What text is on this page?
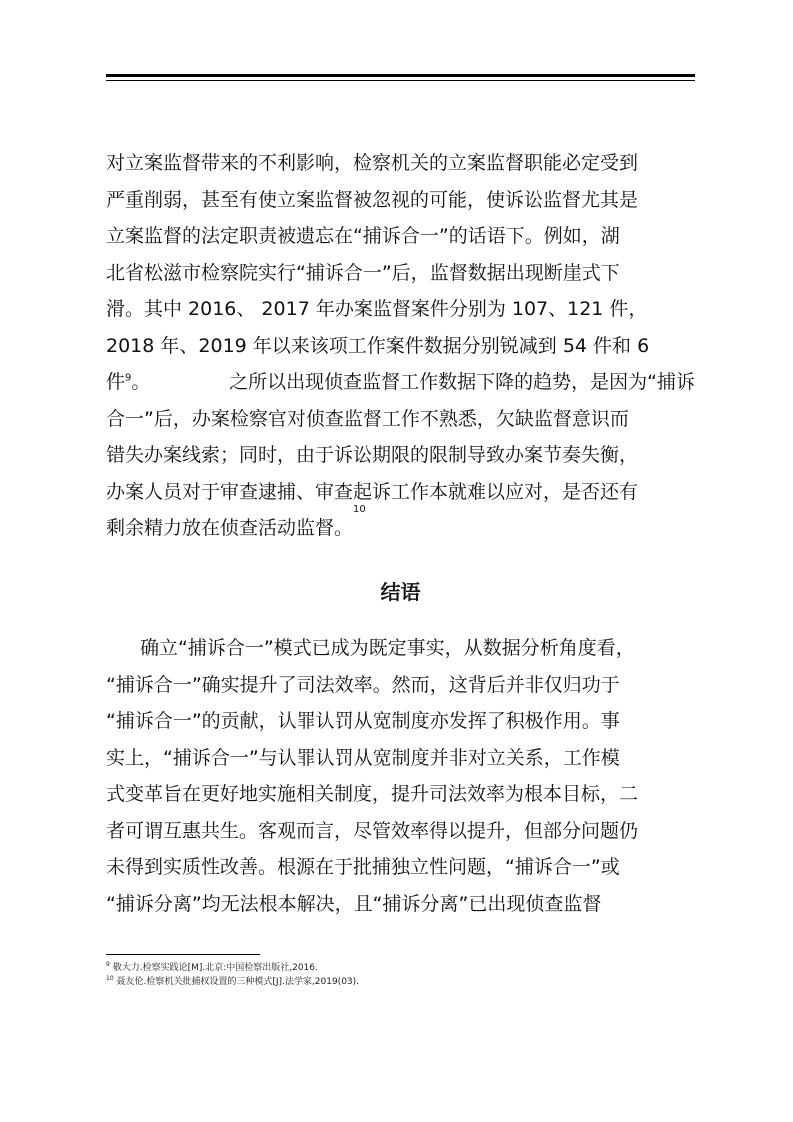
对立案监督带来的不利影响，检察机关的立案监督职能必定受到
严重削弱，甚至有使立案监督被忽视的可能，使诉讼监督尤其是
立案监督的法定职责被遗忘在“捕诉合一”的话语下。例如，湖
北省松滋市检察院实行“捕诉合一”后，监督数据出现断崖式下
滑。其中 2016、 2017 年办案监督案件分别为 107、121 件，
2018 年、2019 年以来该项工作案件数据分别锐减到 54 件和 6
件$^9$。	之所以出现侦查监督工作数据下降的趋势，是因为“捕诉
合一”后，办案检察官对侦查监督工作不熟悉，欠缺监督意识而
错失办案线索；同时，由于诉讼期限的限制导致办案节奏失衡，
办案人员对于审查逮捕、审查起诉工作本就难以应对，是否还有
剩余精力放在侦查活动监督。
10
结语
确立“捕诉合一”模式已成为既定事实，从数据分析角度看，
“捕诉合一”确实提升了司法效率。然而，这背后并非仅归功于
“捕诉合一”的贡献，认罪认罚从宽制度亦发挥了积极作用。事
实上，“捕诉合一”与认罪认罚从宽制度并非对立关系，工作模
式变革旨在更好地实施相关制度，提升司法效率为根本目标，二
者可谓互惠共生。客观而言，尽管效率得以提升，但部分问题仍
未得到实质性改善。根源在于批捕独立性问题，“捕诉合一”或
“捕诉分离”均无法根本解决，且“捕诉分离”已出现侦查监督
$^9$ 敬大力.检察实践论[M].北京:中国检察出版社,2016.
$^{10}$ 聂友伦.检察机关批捕权设置的三种模式[J].法学家,2019(03).
